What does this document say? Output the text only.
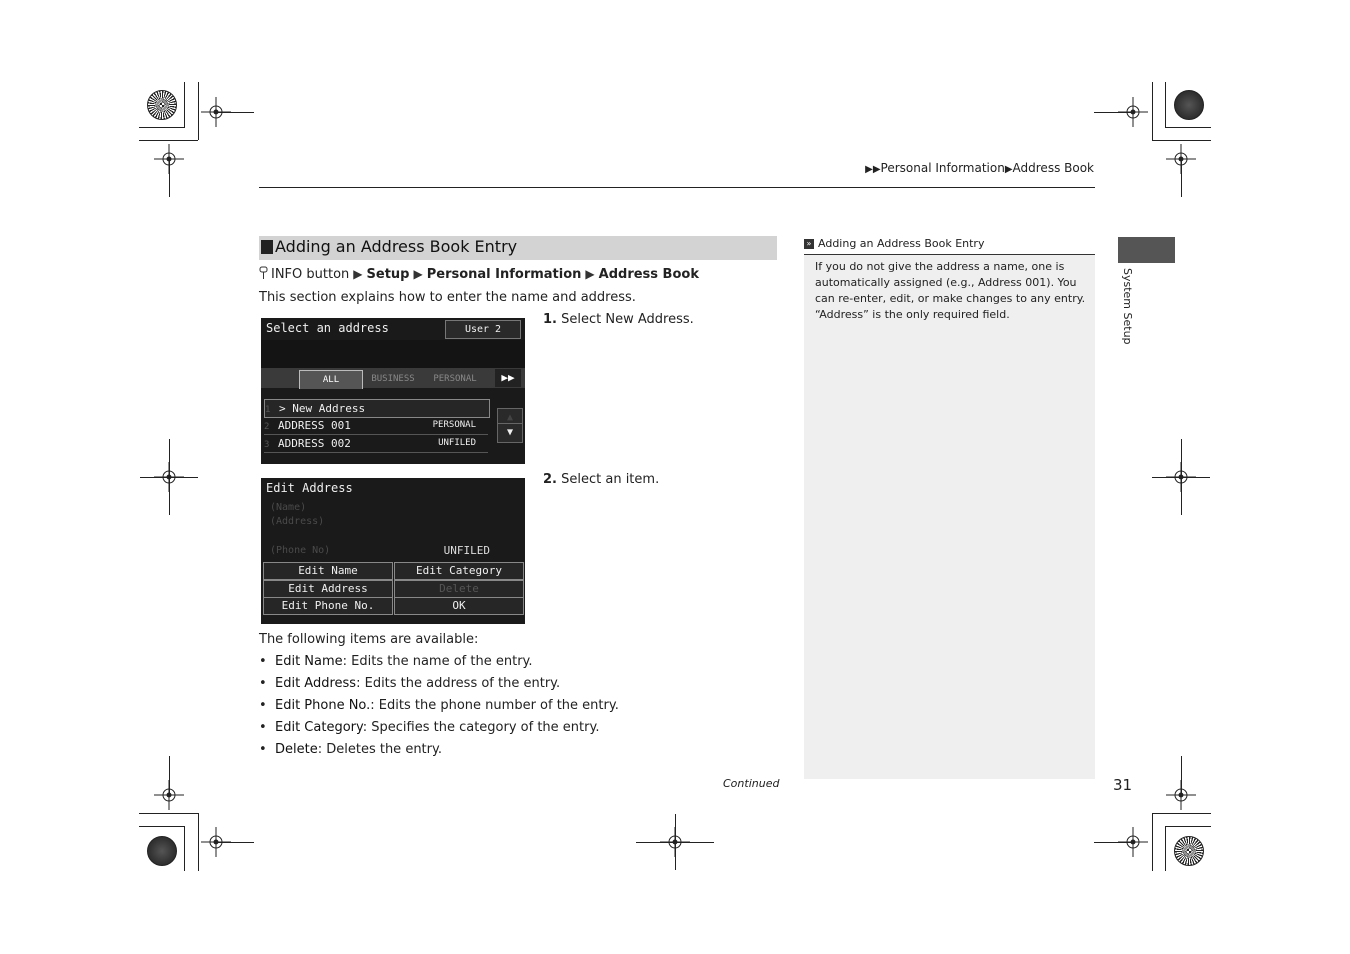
▶▶Personal Information▶Address Book
Adding an Address Book Entry
INFO button ▶ Setup ▶ Personal Information ▶ Address Book
This section explains how to enter the name and address.
Select an address	User 2
ALL	BUSINESS	PERSONAL	▶▶
1 > New Address
2 ADDRESS 001	PERSONAL
3 ADDRESS 002	UNFILED
▲
▼
Edit Address
(Name)
(Address)
(Phone No)	UNFILED
Edit Name	Edit Category
Edit Address	Delete
Edit Phone No.	OK
1. Select New Address.
2. Select an item.
The following items are available:
• Edit Name: Edits the name of the entry.
• Edit Address: Edits the address of the entry.
• Edit Phone No.: Edits the phone number of the entry.
• Edit Category: Specifies the category of the entry.
• Delete: Deletes the entry.
Continued
» Adding an Address Book Entry
If you do not give the address a name, one is automatically assigned (e.g., Address 001). You can re-enter, edit, or make changes to any entry. “Address” is the only required field.	System Setup
31
